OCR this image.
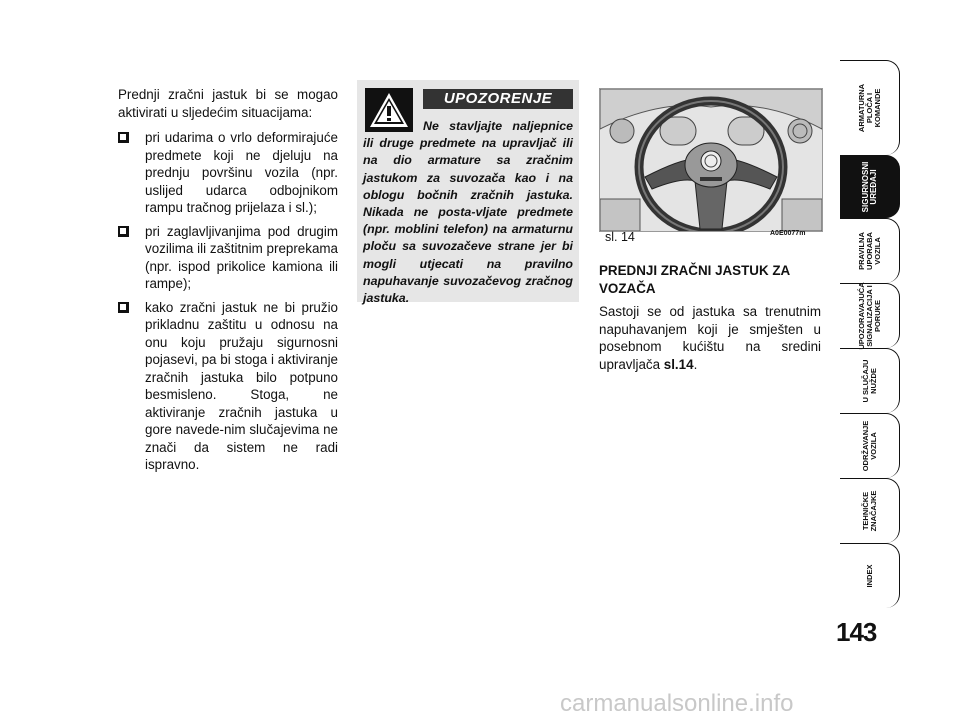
Prednji zračni jastuk bi se mogao aktivirati u sljedećim situacijama:

pri udarima o vrlo deformirajuće predmete koji ne djeluju na prednju površinu vozila (npr. uslijed udarca odbojnikom rampu tračnog prijelaza i sl.);
pri zaglavljivanjima pod drugim vozilima ili zaštitnim preprekama (npr. ispod prikolice kamiona ili rampe);
kako zračni jastuk ne bi pružio prikladnu zaštitu u odnosu na onu koju pružaju sigurnosni pojasevi, pa bi stoga i aktiviranje zračnih jastuka bilo potpuno besmisleno. Stoga, ne aktiviranje zračnih jastuka u gore navede-nim slučajevima ne znači da sistem ne radi ispravno.
UPOZORENJE
Ne stavljajte naljepnice ili druge predmete na upravljač ili na dio armature sa zračnim jastukom za suvozača kao i na oblogu bočnih zračnih jastuka. Nikada ne posta-vljate predmete (npr. moblini telefon) na armaturnu ploču sa suvozačeve strane jer bi mogli utjecati na pravilno napuhavanje suvozačevog zračnog jastuka.
sl. 14	A0E0077m
PREDNJI ZRAČNI JASTUK ZA VOZAČA

Sastoji se od jastuka sa trenutnim napuhavanjem koji je smješten u posebnom kućištu na sredini upravljača sl.14.

ARMATURNA
PLOČA I
KOMANDE
SIGURNOSNI
UREĐAJI
PRAVILNA
UPORABA
VOZILA
UPOZORAVAJUĆA
SIGNALIZACIJA I
PORUKE
U SLUČAJU
NUŽDE
ODRŽAVANJE
VOZILA
TEHNIČKE
ZNAČAJKE
INDEX
143
carmanualsonline.info
